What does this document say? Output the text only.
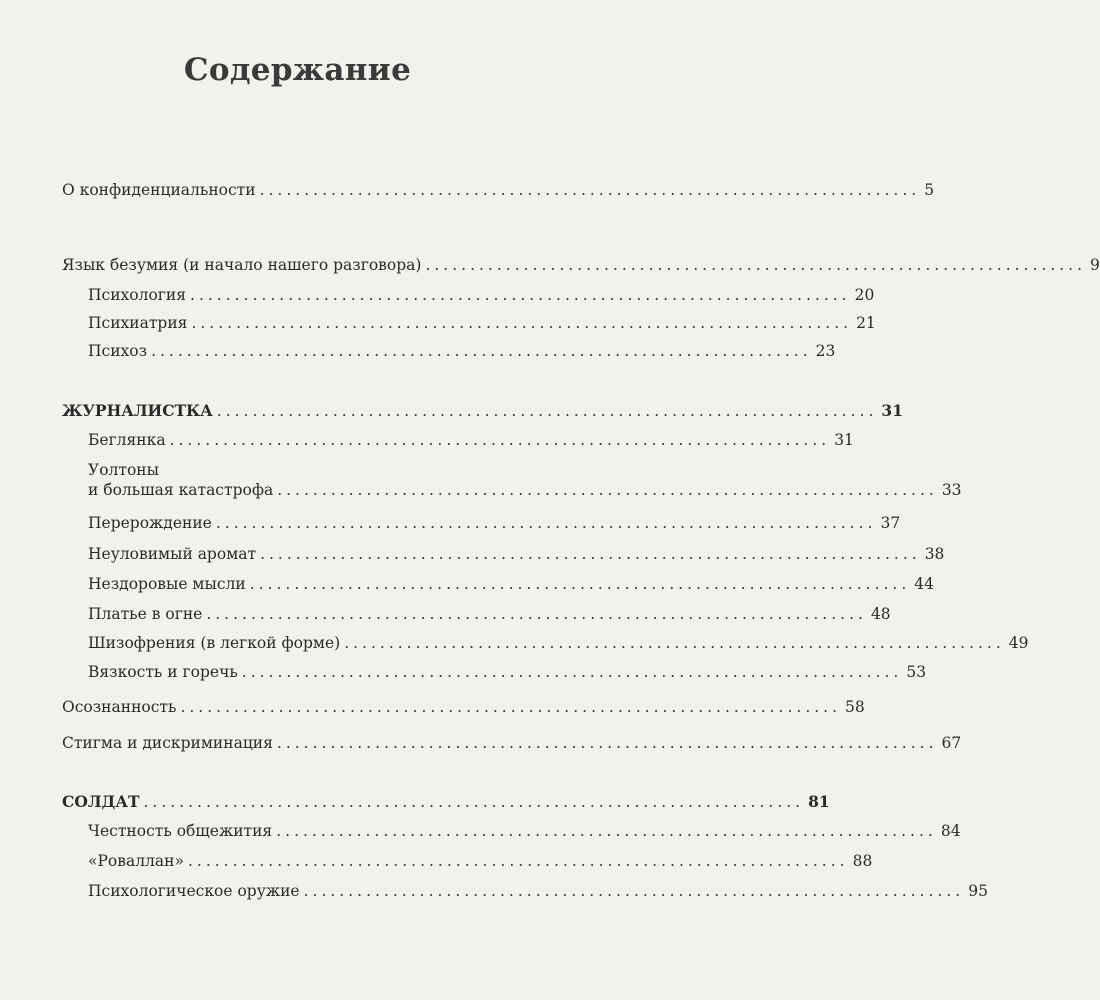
Содержание
О конфиденциальности .......................................................................... 5
Язык безумия (и начало нашего разговора) .......................................................................... 9
Психология .......................................................................... 20
Психиатрия .......................................................................... 21
Психоз .......................................................................... 23
ЖУРНАЛИСТКА .......................................................................... 31
Беглянка .......................................................................... 31
Уолтоны
и большая катастрофа .......................................................................... 33
Перерождение .......................................................................... 37
Неуловимый аромат .......................................................................... 38
Нездоровые мысли .......................................................................... 44
Платье в огне .......................................................................... 48
Шизофрения (в легкой форме) .......................................................................... 49
Вязкость и горечь .......................................................................... 53
Осознанность .......................................................................... 58
Стигма и дискриминация .......................................................................... 67
СОЛДАТ .......................................................................... 81
Честность общежития .......................................................................... 84
«Роваллан» .......................................................................... 88
Психологическое оружие .......................................................................... 95
